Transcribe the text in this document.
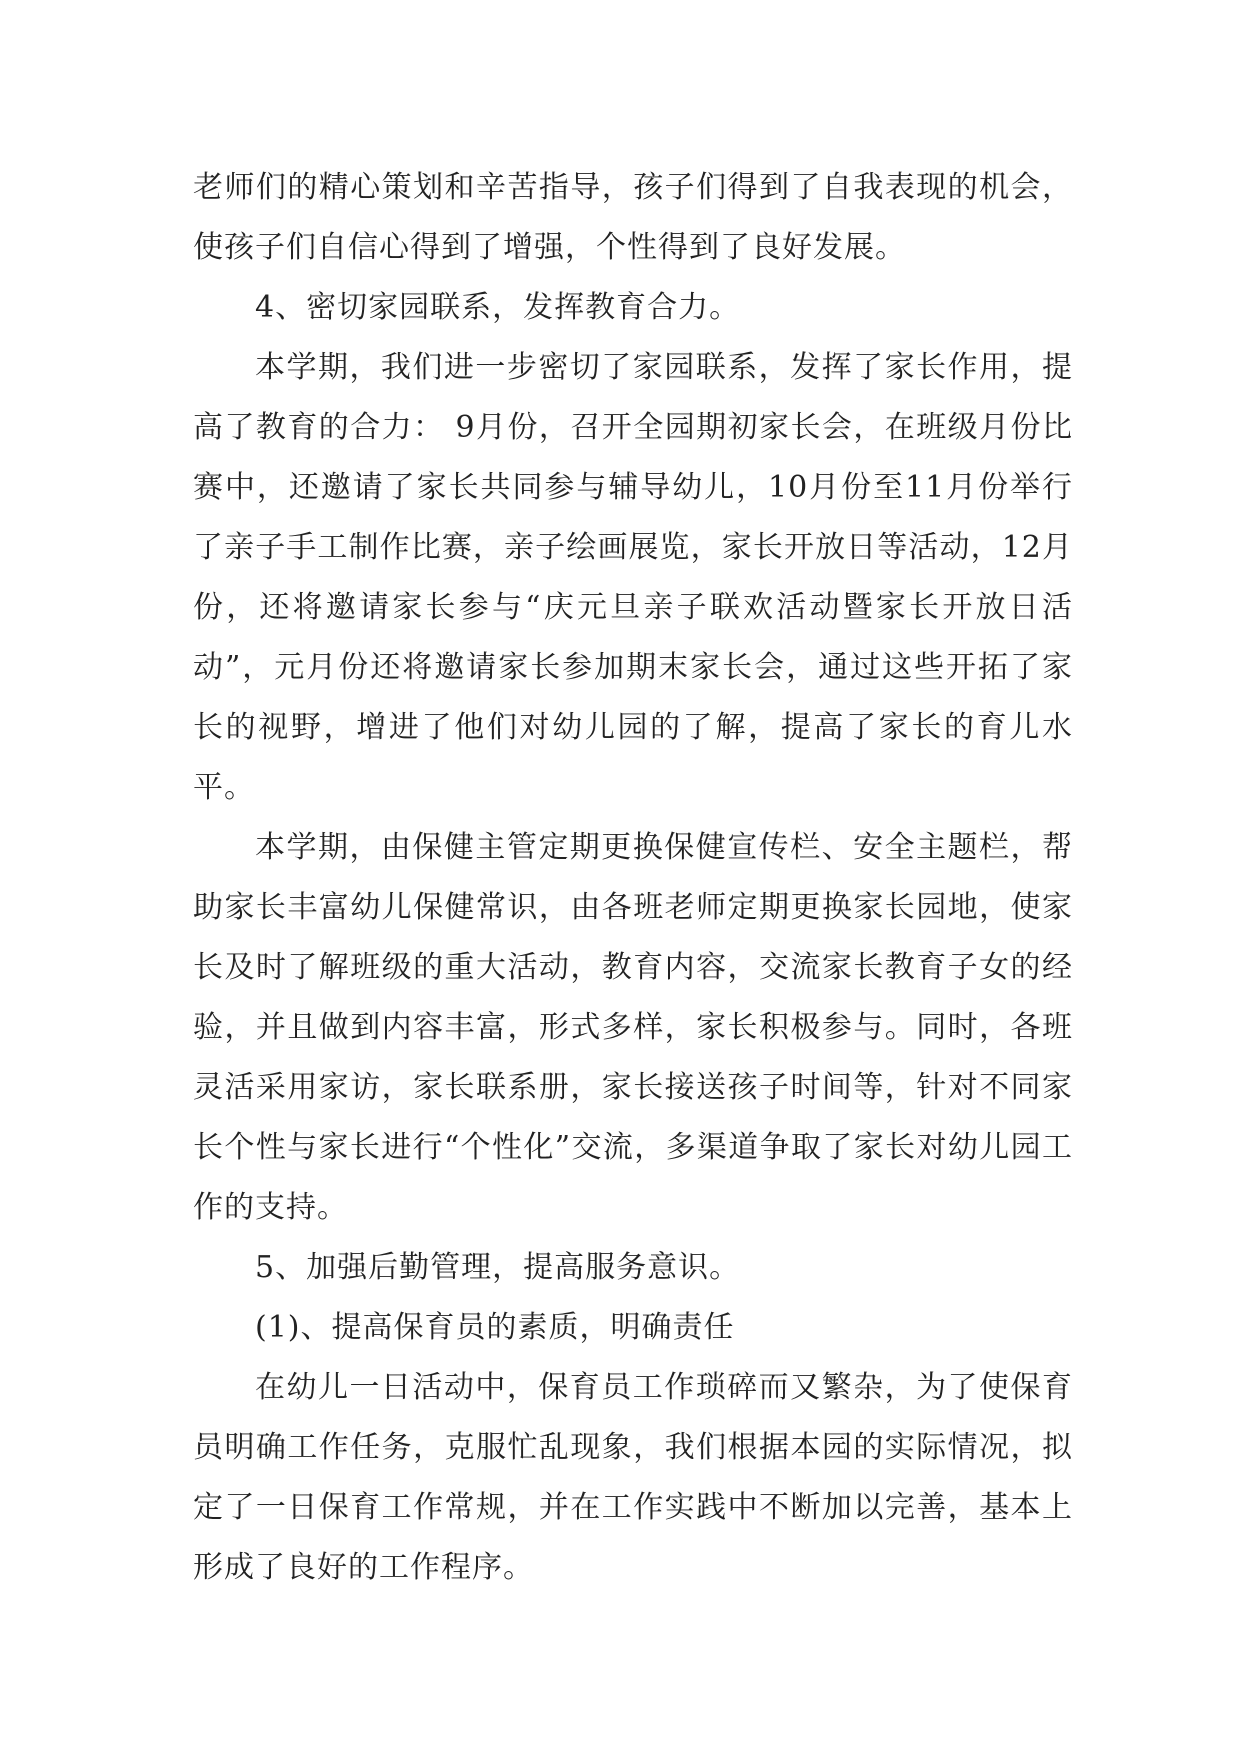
老师们的精心策划和辛苦指导，孩子们得到了自我表现的机会，使孩子们自信心得到了增强，个性得到了良好发展。

4、密切家园联系，发挥教育合力。

本学期，我们进一步密切了家园联系，发挥了家长作用，提高了教育的合力： 9月份，召开全园期初家长会，在班级月份比赛中，还邀请了家长共同参与辅导幼儿，10月份至11月份举行了亲子手工制作比赛，亲子绘画展览，家长开放日等活动，12月份，还将邀请家长参与“庆元旦亲子联欢活动暨家长开放日活动”，元月份还将邀请家长参加期末家长会，通过这些开拓了家长的视野，增进了他们对幼儿园的了解，提高了家长的育儿水平。

本学期，由保健主管定期更换保健宣传栏、安全主题栏，帮助家长丰富幼儿保健常识，由各班老师定期更换家长园地，使家长及时了解班级的重大活动，教育内容，交流家长教育子女的经验，并且做到内容丰富，形式多样，家长积极参与。同时，各班灵活采用家访，家长联系册，家长接送孩子时间等，针对不同家长个性与家长进行“个性化”交流，多渠道争取了家长对幼儿园工作的支持。

5、加强后勤管理，提高服务意识。

(1)、提高保育员的素质，明确责任

在幼儿一日活动中，保育员工作琐碎而又繁杂，为了使保育员明确工作任务，克服忙乱现象，我们根据本园的实际情况，拟定了一日保育工作常规，并在工作实践中不断加以完善，基本上形成了良好的工作程序。
